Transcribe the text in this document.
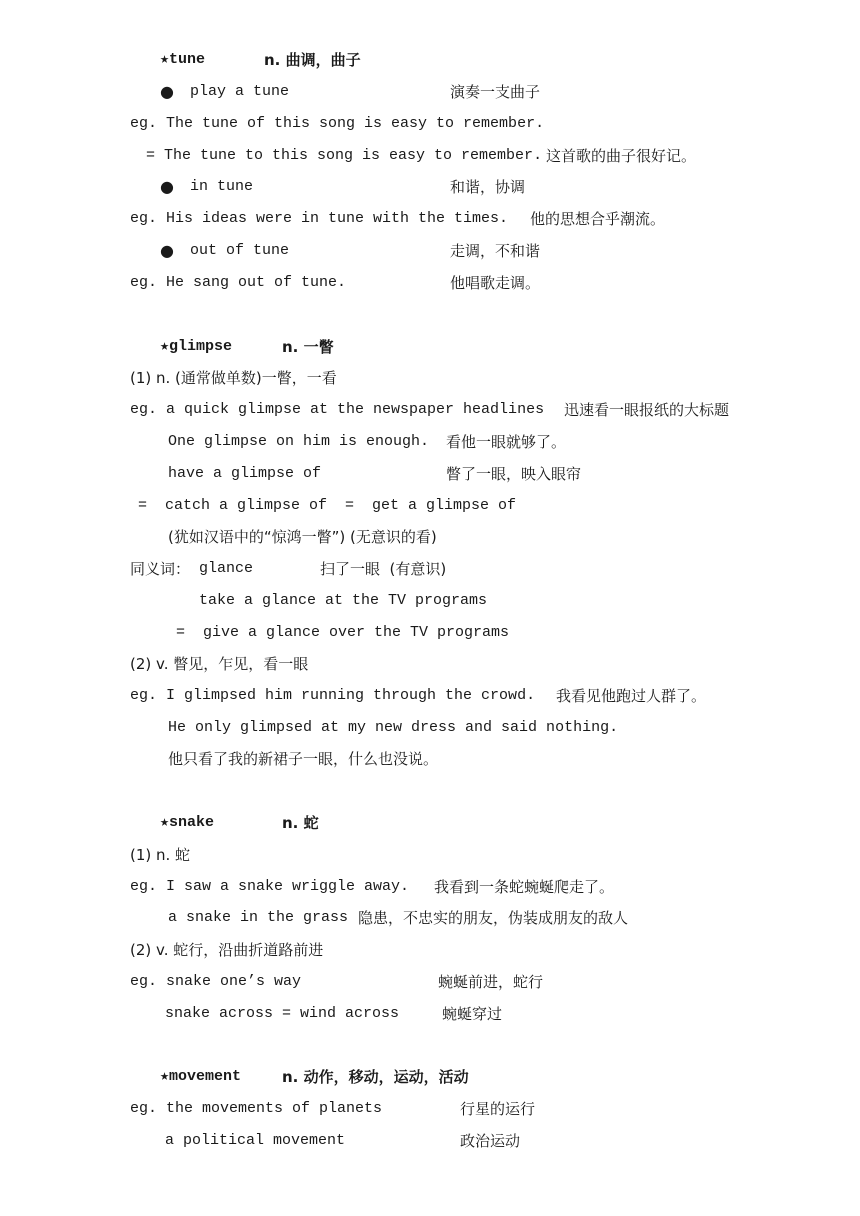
★tune	n. 曲调，曲子
● play a tune	演奏一支曲子
eg. The tune of this song is easy to remember.
= The tune to this song is easy to remember. 这首歌的曲子很好记。
● in tune	和谐，协调
eg. His ideas were in tune with the times. 他的思想合乎潮流。
● out of tune	走调，不和谐
eg. He sang out of tune.	他唱歌走调。
★glimpse	n. 一瞥
(1) n. (通常做单数)一瞥，一看
eg. a quick glimpse at the newspaper headlines 迅速看一眼报纸的大标题
One glimpse on him is enough. 看他一眼就够了。
have a glimpse of	瞥了一眼，映入眼帘
=  catch a glimpse of  =  get a glimpse of
(犹如汉语中的“惊鸿一瞥”) (无意识的看)
同义词： glance	扫了一眼  (有意识)
take a glance at the TV programs
=  give a glance over the TV programs
(2) v. 瞥见，乍见，看一眼
eg. I glimpsed him running through the crowd. 我看见他跑过人群了。
He only glimpsed at my new dress and said nothing.
他只看了我的新裙子一眼，什么也没说。
★snake	n. 蛇
(1) n. 蛇
eg. I saw a snake wriggle away. 我看到一条蛇蜿蜒爬走了。
a snake in the grass 隐患，不忠实的朋友，伪装成朋友的敌人
(2) v. 蛇行，沿曲折道路前进
eg. snake one’s way	蜿蜒前进，蛇行
snake across = wind across	蜿蜒穿过
★movement	n. 动作，移动，运动，活动
eg. the movements of planets	行星的运行
a political movement	政治运动
